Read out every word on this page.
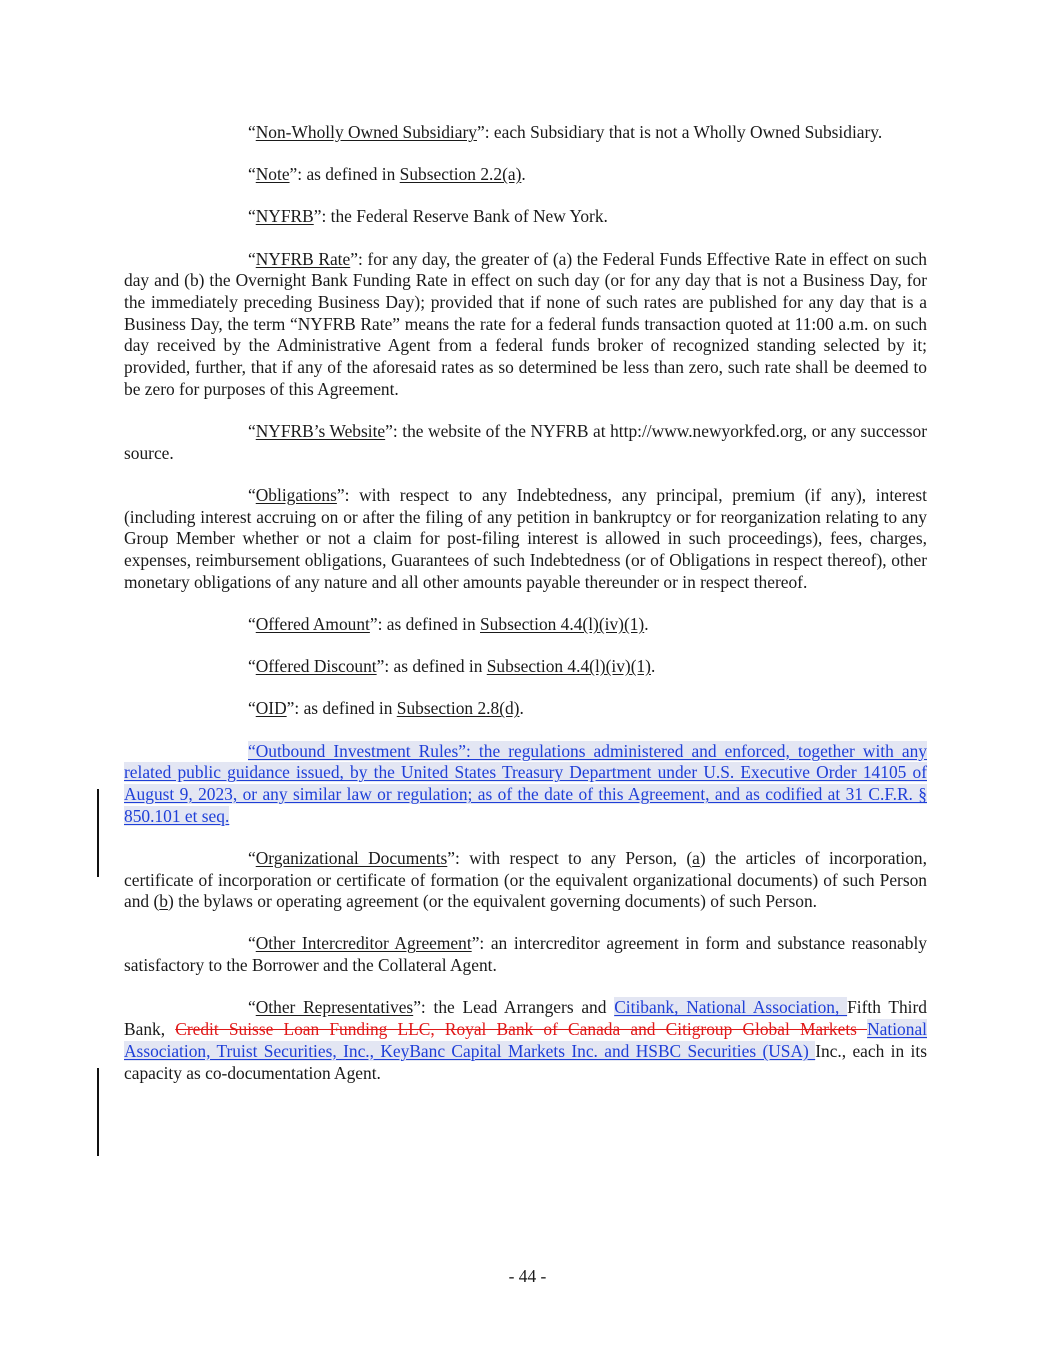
“Non-Wholly Owned Subsidiary”: each Subsidiary that is not a Wholly Owned Subsidiary.

“Note”: as defined in Subsection 2.2(a).

“NYFRB”: the Federal Reserve Bank of New York.

“NYFRB Rate”: for any day, the greater of (a) the Federal Funds Effective Rate in effect on such day and (b) the Overnight Bank Funding Rate in effect on such day (or for any day that is not a Business Day, for the immediately preceding Business Day); provided that if none of such rates are published for any day that is a Business Day, the term “NYFRB Rate” means the rate for a federal funds transaction quoted at 11:00 a.m. on such day received by the Administrative Agent from a federal funds broker of recognized standing selected by it; provided, further, that if any of the aforesaid rates as so determined be less than zero, such rate shall be deemed to be zero for purposes of this Agreement.

“NYFRB’s Website”: the website of the NYFRB at http://www.newyorkfed.org, or any successor source.

“Obligations”: with respect to any Indebtedness, any principal, premium (if any), interest (including interest accruing on or after the filing of any petition in bankruptcy or for reorganization relating to any Group Member whether or not a claim for post-filing interest is allowed in such proceedings), fees, charges, expenses, reimbursement obligations, Guarantees of such Indebtedness (or of Obligations in respect thereof), other monetary obligations of any nature and all other amounts payable thereunder or in respect thereof.

“Offered Amount”: as defined in Subsection 4.4(l)(iv)(1).

“Offered Discount”: as defined in Subsection 4.4(l)(iv)(1).

“OID”: as defined in Subsection 2.8(d).

“Outbound Investment Rules”: the regulations administered and enforced, together with any related public guidance issued, by the United States Treasury Department under U.S. Executive Order 14105 of August 9, 2023, or any similar law or regulation; as of the date of this Agreement, and as codified at 31 C.F.R. § 850.101 et seq.

“Organizational Documents”: with respect to any Person, (a) the articles of incorporation, certificate of incorporation or certificate of formation (or the equivalent organizational documents) of such Person and (b) the bylaws or operating agreement (or the equivalent governing documents) of such Person.

“Other Intercreditor Agreement”: an intercreditor agreement in form and substance reasonably satisfactory to the Borrower and the Collateral Agent.

“Other Representatives”: the Lead Arrangers and Citibank, National Association, Fifth Third Bank, Credit Suisse Loan Funding LLC, Royal Bank of Canada and Citigroup Global Markets National Association, Truist Securities, Inc., KeyBanc Capital Markets Inc. and HSBC Securities (USA) Inc., each in its capacity as co-documentation Agent.

- 44 -
